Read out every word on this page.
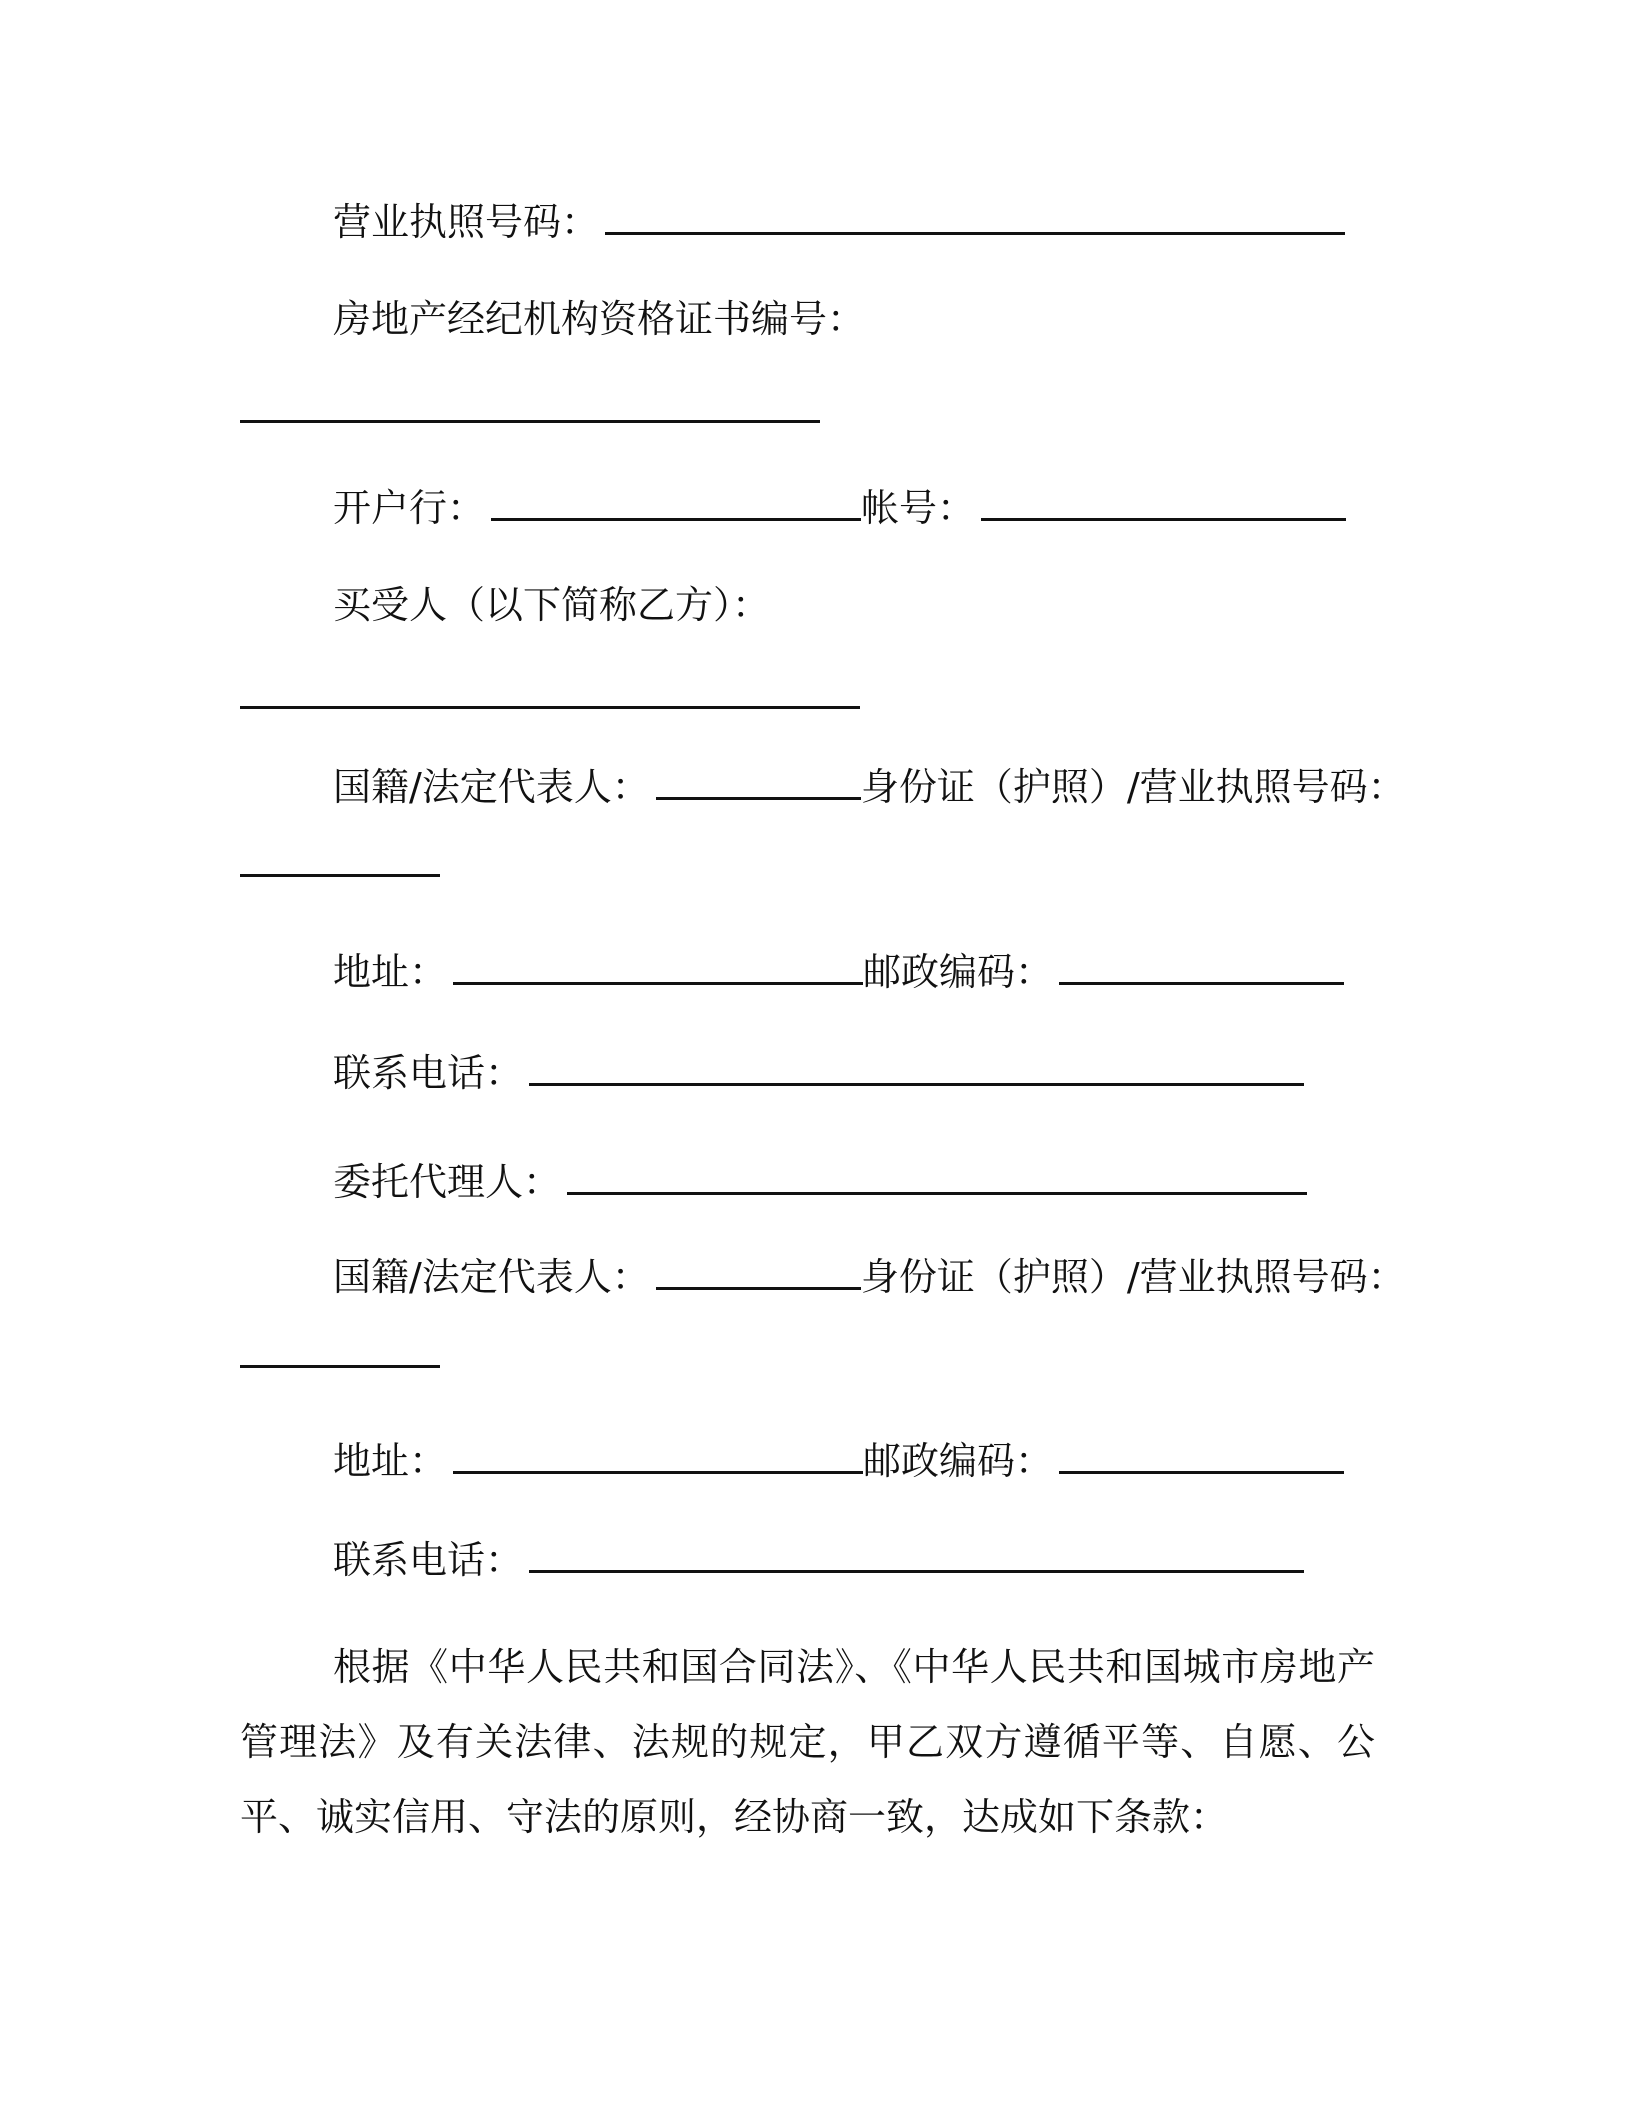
营业执照号码：
房地产经纪机构资格证书编号：
开户行：	帐号：
买受人（以下简称乙方）：
国籍/法定代表人：	身份证（护照）/营业执照号码：
地址：	邮政编码：
联系电话：
委托代理人：
国籍/法定代表人：	身份证（护照）/营业执照号码：
地址：	邮政编码：
联系电话：
根据《中华人民共和国合同法》、《中华人民共和国城市房地产管理法》及有关法律、法规的规定，甲乙双方遵循平等、自愿、公平、诚实信用、守法的原则，经协商一致，达成如下条款：
